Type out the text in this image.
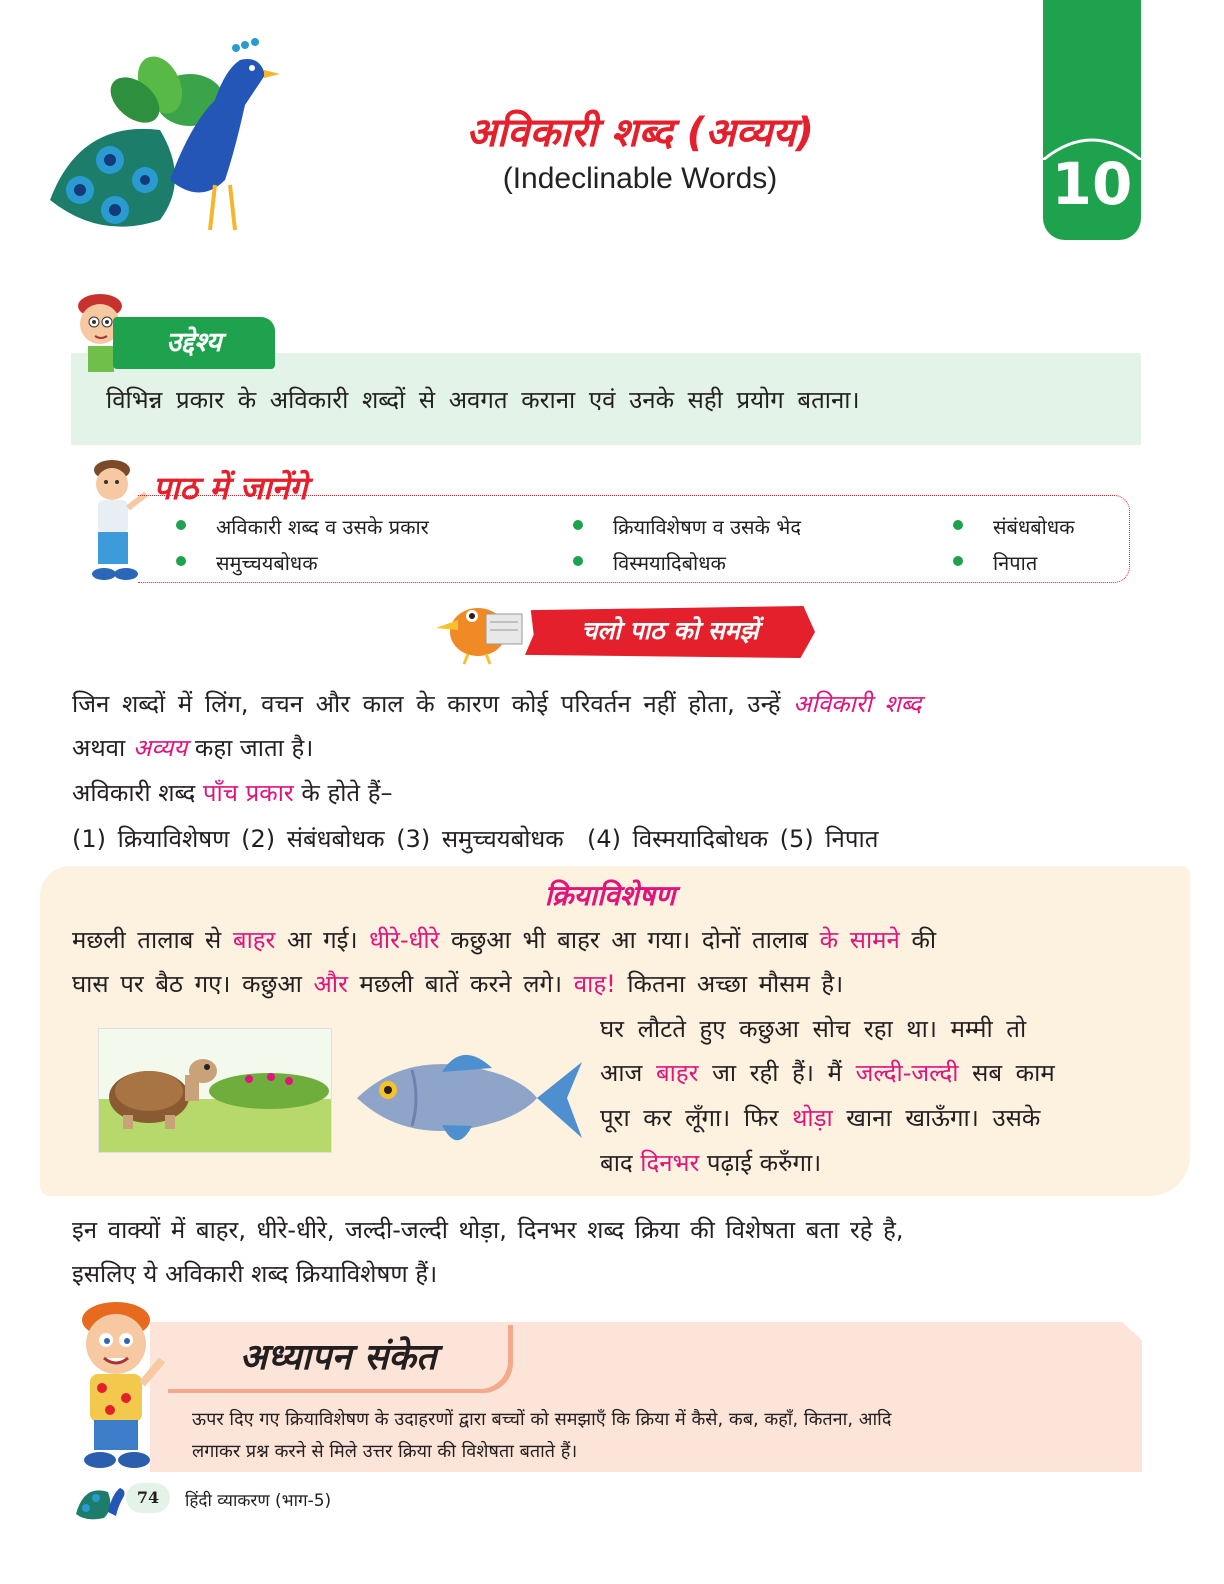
अविकारी शब्द (अव्यय)
(Indeclinable Words)	10
उद्देश्य
विभिन्न प्रकार के अविकारी शब्दों से अवगत कराना एवं उनके सही प्रयोग बताना।
पाठ में जानेंगे
अविकारी शब्द व उसके प्रकार	क्रियाविशेषण व उसके भेद	संबंधबोधक
समुच्चयबोधक	विस्मयादिबोधक	निपात
चलो पाठ को समझें
जिन शब्दों में लिंग, वचन और काल के कारण कोई परिवर्तन नहीं होता, उन्हें अविकारी शब्द
अथवा अव्यय कहा जाता है।
अविकारी शब्द पाँच प्रकार के होते हैं–
(1) क्रियाविशेषण (2) संबंधबोधक (3) समुच्चयबोधक  (4) विस्मयादिबोधक (5) निपात
क्रियाविशेषण
मछली तालाब से बाहर आ गई। धीरे-धीरे कछुआ भी बाहर आ गया। दोनों तालाब के सामने की
घास पर बैठ गए। कछुआ और मछली बातें करने लगे। वाह! कितना अच्छा मौसम है।
घर लौटते हुए कछुआ सोच रहा था। मम्मी तो
आज बाहर जा रही हैं। मैं जल्दी-जल्दी सब काम
पूरा कर लूँगा। फिर थोड़ा खाना खाऊँगा। उसके
बाद दिनभर पढ़ाई करुँगा।
इन वाक्यों में बाहर, धीरे-धीरे, जल्दी-जल्दी थोड़ा, दिनभर शब्द क्रिया की विशेषता बता रहे है,
इसलिए ये अविकारी शब्द क्रियाविशेषण हैं।
अध्यापन संकेत
ऊपर दिए गए क्रियाविशेषण के उदाहरणों द्वारा बच्चों को समझाएँ कि क्रिया में कैसे, कब, कहाँ, कितना, आदि
लगाकर प्रश्न करने से मिले उत्तर क्रिया की विशेषता बताते हैं।
74	हिंदी व्याकरण (भाग-5)
